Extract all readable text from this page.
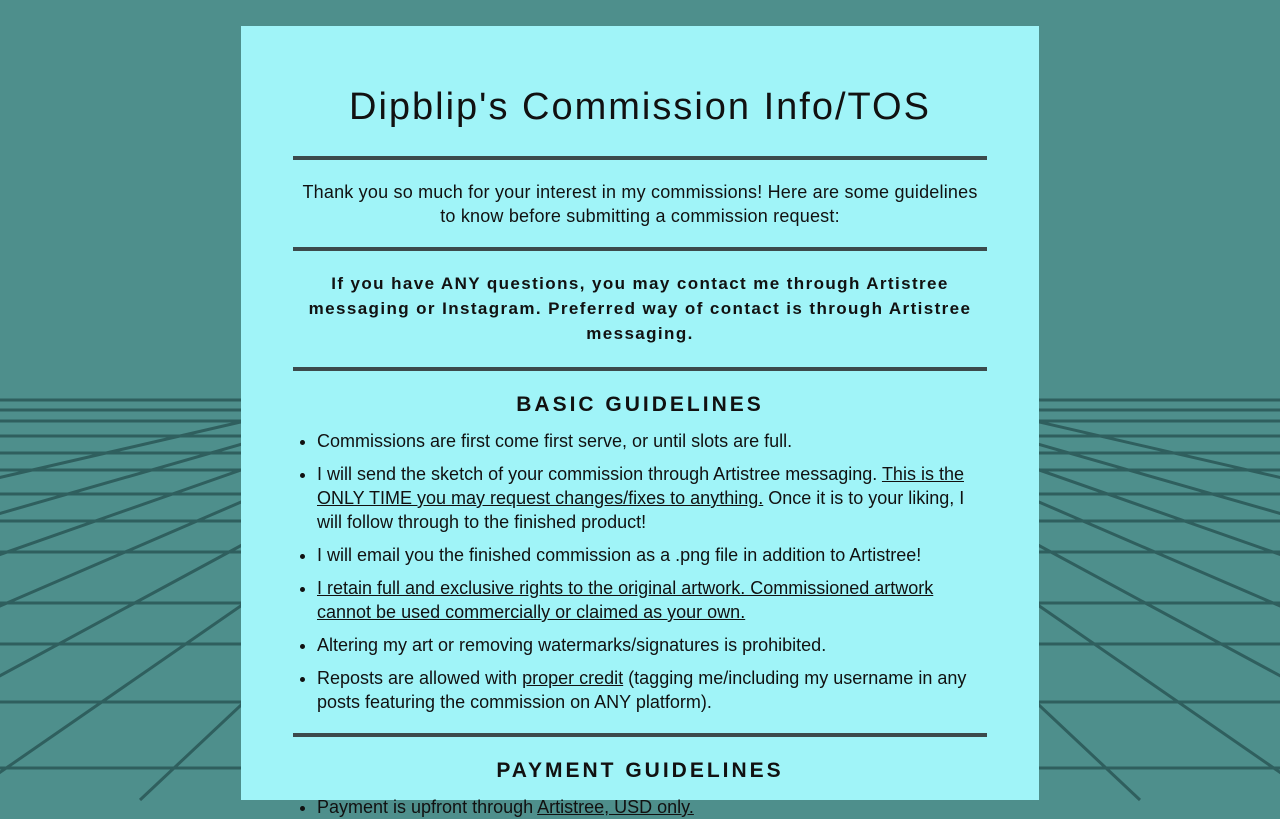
Dipblip's Commission Info/TOS

Thank you so much for your interest in my commissions! Here are some guidelines to know before submitting a commission request:

If you have ANY questions, you may contact me through Artistree messaging or Instagram. Preferred way of contact is through Artistree messaging.

BASIC GUIDELINES
• Commissions are first come first serve, or until slots are full.
• I will send the sketch of your commission through Artistree messaging. This is the ONLY TIME you may request changes/fixes to anything. Once it is to your liking, I will follow through to the finished product!
• I will email you the finished commission as a .png file in addition to Artistree!
• I retain full and exclusive rights to the original artwork. Commissioned artwork cannot be used commercially or claimed as your own.
• Altering my art or removing watermarks/signatures is prohibited.
• Reposts are allowed with proper credit (tagging me/including my username in any posts featuring the commission on ANY platform).
PAYMENT GUIDELINES
• Payment is upfront through Artistree, USD only.
